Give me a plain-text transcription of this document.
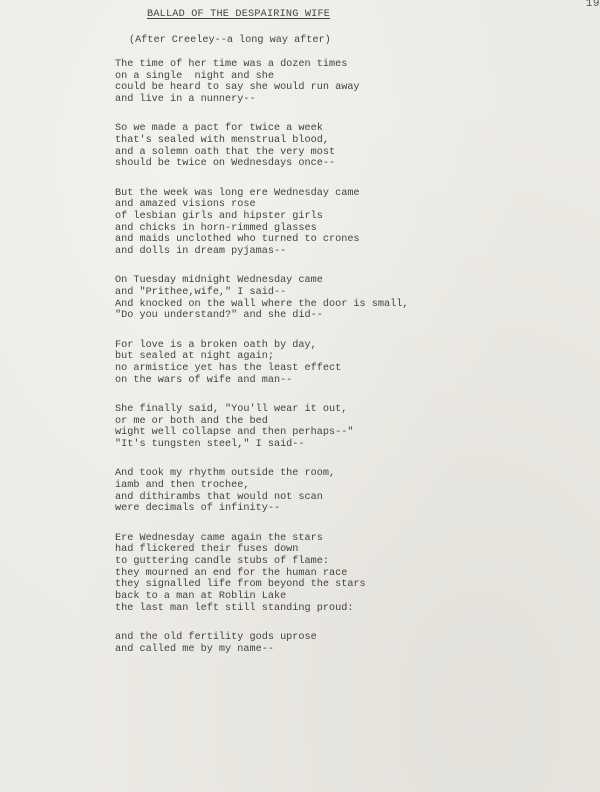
19
BALLAD OF THE DESPAIRING WIFE
(After Creeley--a long way after)
The time of her time was a dozen times
on a single  night and she
could be heard to say she would run away
and live in a nunnery--
So we made a pact for twice a week
that's sealed with menstrual blood,
and a solemn oath that the very most
should be twice on Wednesdays once--
But the week was long ere Wednesday came
and amazed visions rose
of lesbian girls and hipster girls
and chicks in horn-rimmed glasses
and maids unclothed who turned to crones
and dolls in dream pyjamas--
On Tuesday midnight Wednesday came
and "Prithee,wife," I said--
And knocked on the wall where the door is small,
"Do you understand?" and she did--
For love is a broken oath by day,
but sealed at night again;
no armistice yet has the least effect
on the wars of wife and man--
She finally said, "You'll wear it out,
or me or both and the bed
wight well collapse and then perhaps--"
"It's tungsten steel," I said--
And took my rhythm outside the room,
iamb and then trochee,
and dithirambs that would not scan
were decimals of infinity--
Ere Wednesday came again the stars
had flickered their fuses down
to guttering candle stubs of flame:
they mourned an end for the human race
they signalled life from beyond the stars
back to a man at Roblin Lake
the last man left still standing proud:
and the old fertility gods uprose
and called me by my name--
